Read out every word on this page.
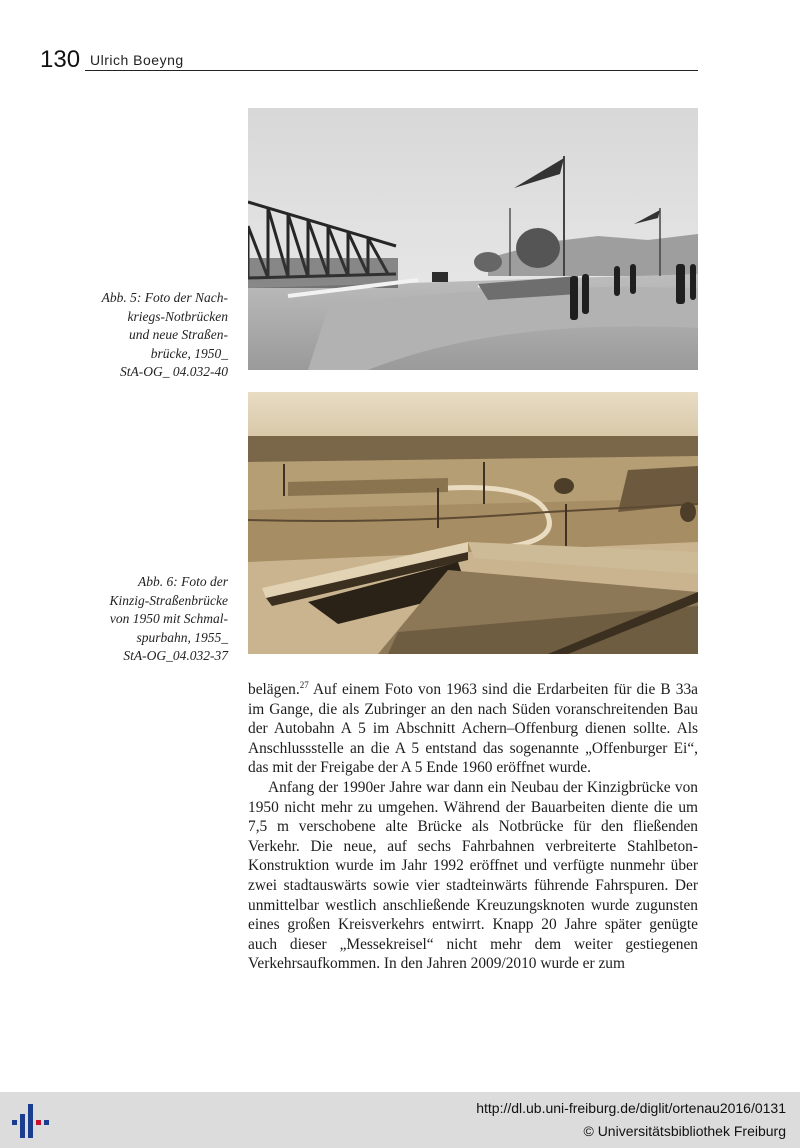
130 Ulrich Boeyng
Abb. 5: Foto der Nach-
kriegs-Notbrücken
und neue Straßen-
brücke, 1950_
StA-OG_ 04.032-40
Abb. 6: Foto der
Kinzig-Straßenbrücke
von 1950 mit Schmal-
spurbahn, 1955_
StA-OG_04.032-37

belägen.$^{27}$ Auf einem Foto von 1963 sind die Erdarbeiten für die B 33a im Gange, die als Zubringer an den nach Süden voranschreitenden Bau der Autobahn A 5 im Abschnitt Achern–Offenburg dienen sollte. Als Anschlussstelle an die A 5 entstand das sogenannte „Offenburger Ei“, das mit der Freigabe der A 5 Ende 1960 eröffnet wurde.

Anfang der 1990er Jahre war dann ein Neubau der Kinzigbrücke von 1950 nicht mehr zu umgehen. Während der Bauarbeiten diente die um 7,5 m verschobene alte Brücke als Notbrücke für den fließenden Verkehr. Die neue, auf sechs Fahrbahnen verbreiterte Stahlbeton-Konstruktion wurde im Jahr 1992 eröffnet und verfügte nunmehr über zwei stadtauswärts sowie vier stadteinwärts führende Fahrspuren. Der unmittelbar westlich anschließende Kreuzungsknoten wurde zugunsten eines großen Kreisverkehrs entwirrt. Knapp 20 Jahre später genügte auch dieser „Messekreisel“ nicht mehr dem weiter gestiegenen Verkehrsaufkommen. In den Jahren 2009/2010 wurde er zum

http://dl.ub.uni-freiburg.de/diglit/ortenau2016/0131
© Universitätsbibliothek Freiburg
